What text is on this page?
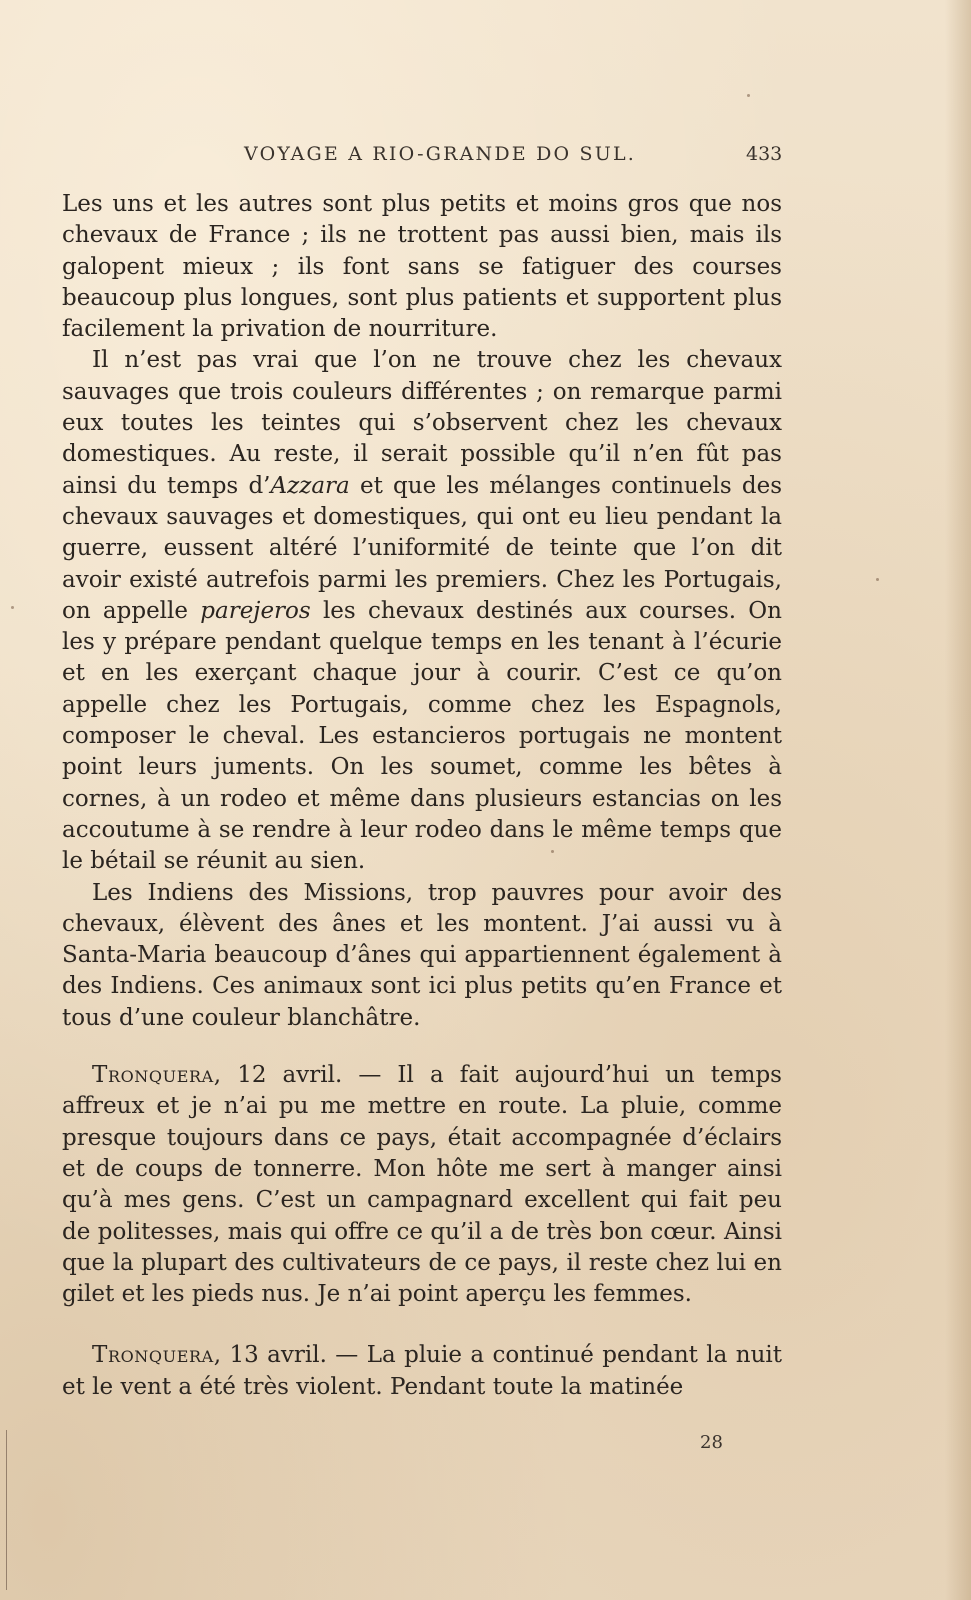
VOYAGE A RIO-GRANDE DO SUL.	433

Les uns et les autres sont plus petits et moins gros que nos chevaux de France ; ils ne trottent pas aussi bien, mais ils galopent mieux ; ils font sans se fatiguer des courses beaucoup plus longues, sont plus patients et supportent plus facilement la privation de nourriture.

Il n’est pas vrai que l’on ne trouve chez les chevaux sauvages que trois couleurs différentes ; on remarque parmi eux toutes les teintes qui s’observent chez les chevaux domestiques. Au reste, il serait possible qu’il n’en fût pas ainsi du temps d’Azzara et que les mélanges continuels des chevaux sauvages et domestiques, qui ont eu lieu pendant la guerre, eussent altéré l’uniformité de teinte que l’on dit avoir existé autrefois parmi les premiers. Chez les Portugais, on appelle parejeros les chevaux destinés aux courses. On les y prépare pendant quelque temps en les tenant à l’écurie et en les exerçant chaque jour à courir. C’est ce qu’on appelle chez les Portugais, comme chez les Espagnols, composer le cheval. Les estancieros portugais ne montent point leurs juments. On les soumet, comme les bêtes à cornes, à un rodeo et même dans plusieurs estancias on les accoutume à se rendre à leur rodeo dans le même temps que le bétail se réunit au sien.

Les Indiens des Missions, trop pauvres pour avoir des chevaux, élèvent des ânes et les montent. J’ai aussi vu à Santa-Maria beaucoup d’ânes qui appartiennent également à des Indiens. Ces animaux sont ici plus petits qu’en France et tous d’une couleur blanchâtre.

Tronquera, 12 avril. — Il a fait aujourd’hui un temps affreux et je n’ai pu me mettre en route. La pluie, comme presque toujours dans ce pays, était accompagnée d’éclairs et de coups de tonnerre. Mon hôte me sert à manger ainsi qu’à mes gens. C’est un campagnard excellent qui fait peu de politesses, mais qui offre ce qu’il a de très bon cœur. Ainsi que la plupart des cultivateurs de ce pays, il reste chez lui en gilet et les pieds nus. Je n’ai point aperçu les femmes.

Tronquera, 13 avril. — La pluie a continué pendant la nuit et le vent a été très violent. Pendant toute la matinée

28
